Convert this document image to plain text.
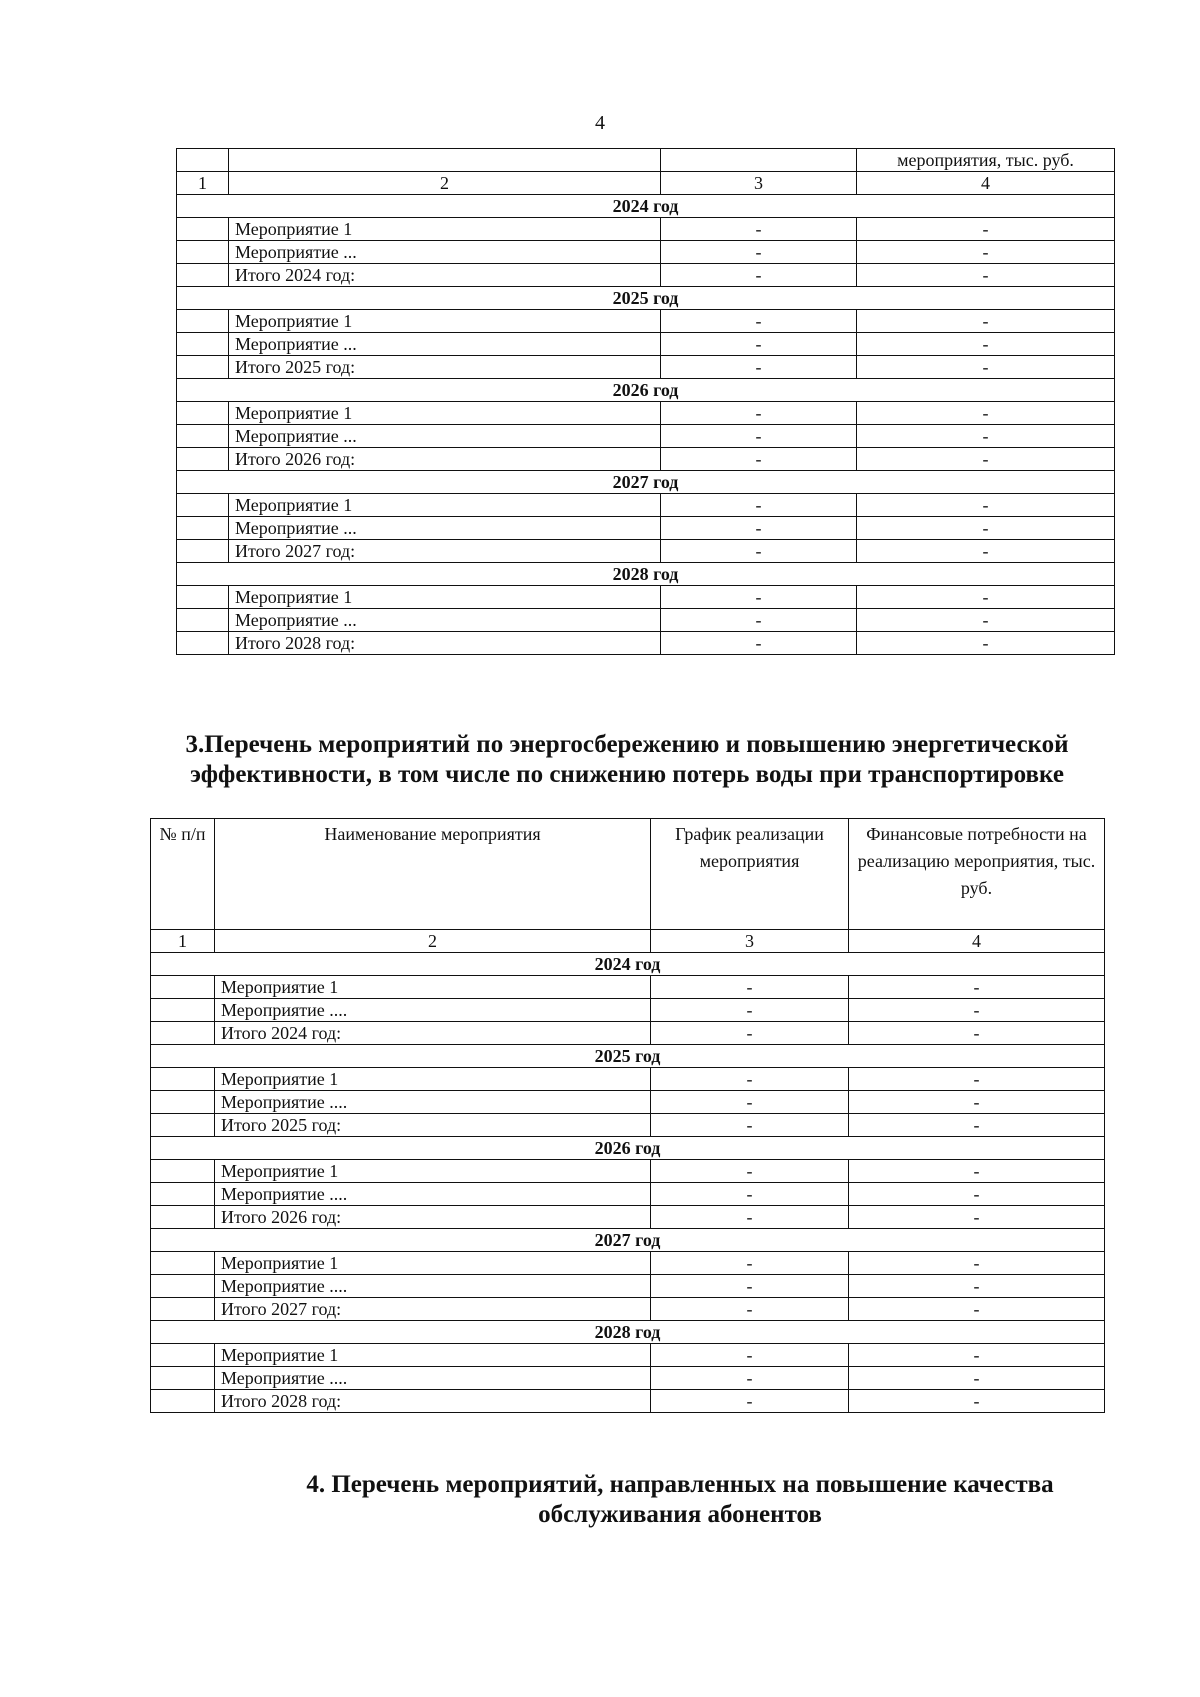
4
			мероприятия, тыс. руб.
1	2	3	4
2024 год			
	Мероприятие 1	-	-
	Мероприятие ...	-	-
	Итого 2024 год:	-	-
2025 год			
	Мероприятие 1	-	-
	Мероприятие ...	-	-
	Итого 2025 год:	-	-
2026 год			
	Мероприятие 1	-	-
	Мероприятие ...	-	-
	Итого 2026 год:	-	-
2027 год			
	Мероприятие 1	-	-
	Мероприятие ...	-	-
	Итого 2027 год:	-	-
2028 год			
	Мероприятие 1	-	-
	Мероприятие ...	-	-
	Итого 2028 год:	-	-
3.Перечень мероприятий по энергосбережению и повышению энергетической эффективности, в том числе по снижению потерь воды при транспортировке
№ п/п	Наименование мероприятия	График реализации мероприятия	Финансовые потребности на реализацию мероприятия, тыс. руб.
1	2	3	4
2024 год			
	Мероприятие 1	-	-
	Мероприятие ....	-	-
	Итого 2024 год:	-	-
2025 год			
	Мероприятие 1	-	-
	Мероприятие ....	-	-
	Итого 2025 год:	-	-
2026 год			
	Мероприятие 1	-	-
	Мероприятие ....	-	-
	Итого 2026 год:	-	-
2027 год			
	Мероприятие 1	-	-
	Мероприятие ....	-	-
	Итого 2027 год:	-	-
2028 год			
	Мероприятие 1	-	-
	Мероприятие ....	-	-
	Итого 2028 год:	-	-
4. Перечень мероприятий, направленных на повышение качества обслуживания абонентов
